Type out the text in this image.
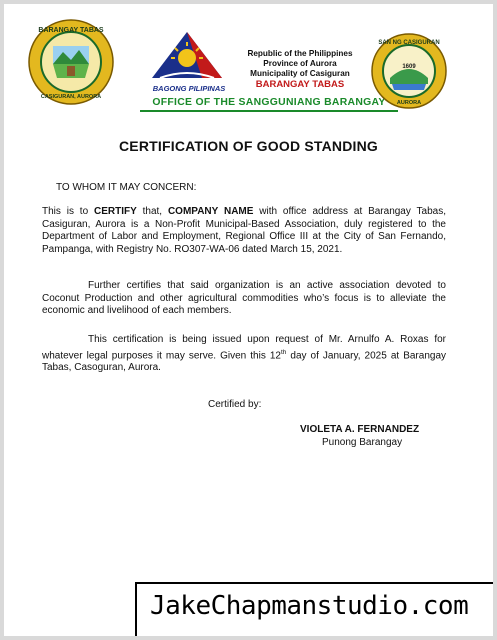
BARANGAY TABAS
CASIGURAN, AURORA
BAGONG PILIPINAS
Republic of the Philippines
Province of Aurora
Municipality of Casiguran
BARANGAY TABAS
OFFICE OF THE SANGGUNIANG BARANGAY
1609
SAN NG CASIGURAN
AURORA
CERTIFICATION OF GOOD STANDING
TO WHOM IT MAY CONCERN:

This is to CERTIFY that, COMPANY NAME with office address at Barangay Tabas, Casiguran, Aurora is a Non-Profit Municipal-Based Association, duly registered to the Department of Labor and Employment, Regional Office III at the City of San Fernando, Pampanga, with Registry No. RO307-WA-06 dated March 15, 2021.

Further certifies that said organization is an active association devoted to Coconut Production and other agricultural commodities who’s focus is to alleviate the economic and livelihood of each members.

This certification is being issued upon request of Mr. Arnulfo A. Roxas for whatever legal purposes it may serve. Given this 12th day of January, 2025 at Barangay Tabas, Casoguran, Aurora.

Certified by:
VIOLETA A. FERNANDEZ
Punong Barangay
JakeChapmanstudio.com
